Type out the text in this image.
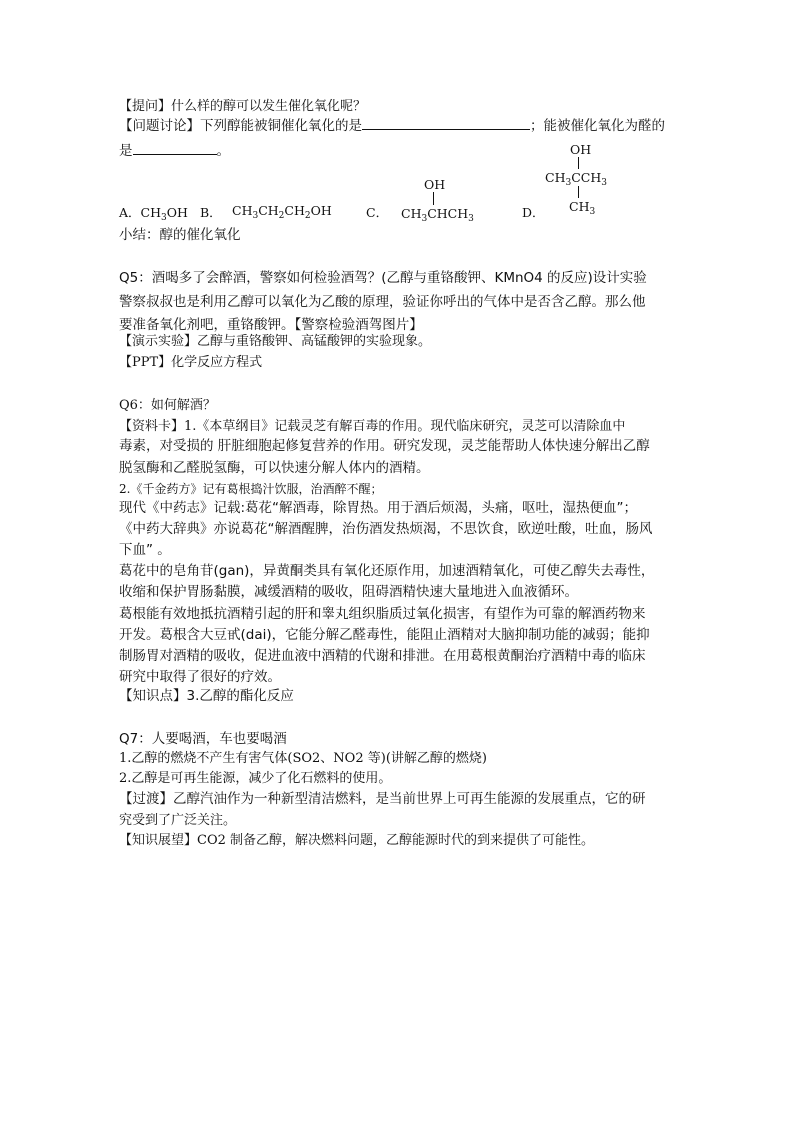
【提问】什么样的醇可以发生催化氧化呢？
【问题讨论】下列醇能被铜催化氧化的是	；能被催化氧化为醛的
是	。
A．$CH_3OH$ B． $CH_3CH_2CH_2OH$	C．
OH
$CH_3CHCH_3$	D．
OH
$CH_3CCH_3$
$CH_3$
小结：醇的催化氧化
Q5：酒喝多了会醉酒，警察如何检验酒驾？(乙醇与重铬酸钾、KMnO4 的反应)设计实验
警察叔叔也是利用乙醇可以氧化为乙酸的原理，验证你呼出的气体中是否含乙醇。那么他
要准备氧化剂吧，重铬酸钾。【警察检验酒驾图片】
【演示实验】乙醇与重铬酸钾、高锰酸钾的实验现象。
【PPT】化学反应方程式
Q6：如何解酒？
【资料卡】1.《本草纲目》记载灵芝有解百毒的作用。现代临床研究，灵芝可以清除血中
毒素，对受损的 肝脏细胞起修复营养的作用。研究发现，灵芝能帮助人体快速分解出乙醇
脱氢酶和乙醛脱氢酶，可以快速分解人体内的酒精。
2.《千金药方》记有葛根捣汁饮服，治酒醉不醒；
现代《中药志》记载:葛花“解酒毒，除胃热。用于酒后烦渴，头痛，呕吐，湿热便血”；
《中药大辞典》亦说葛花“解酒醒脾，治伤酒发热烦渴，不思饮食，欧逆吐酸，吐血，肠风
下血” 。
葛花中的皂角苷(gan)，异黄酮类具有氧化还原作用，加速酒精氧化，可使乙醇失去毒性，
收缩和保护胃肠黏膜，减缓酒精的吸收，阻碍酒精快速大量地进入血液循环。
葛根能有效地抵抗酒精引起的肝和睾丸组织脂质过氧化损害，有望作为可靠的解酒药物来
开发。葛根含大豆甙(dai)，它能分解乙醛毒性，能阻止酒精对大脑抑制功能的减弱；能抑
制肠胃对酒精的吸收，促进血液中酒精的代谢和排泄。在用葛根黄酮治疗酒精中毒的临床
研究中取得了很好的疗效。
【知识点】3.乙醇的酯化反应
Q7：人要喝酒，车也要喝酒
1.乙醇的燃烧不产生有害气体(SO2、NO2 等)(讲解乙醇的燃烧)
2.乙醇是可再生能源，减少了化石燃料的使用。
【过渡】乙醇汽油作为一种新型清洁燃料，是当前世界上可再生能源的发展重点，它的研
究受到了广泛关注。
【知识展望】CO2 制备乙醇，解决燃料问题，乙醇能源时代的到来提供了可能性。
